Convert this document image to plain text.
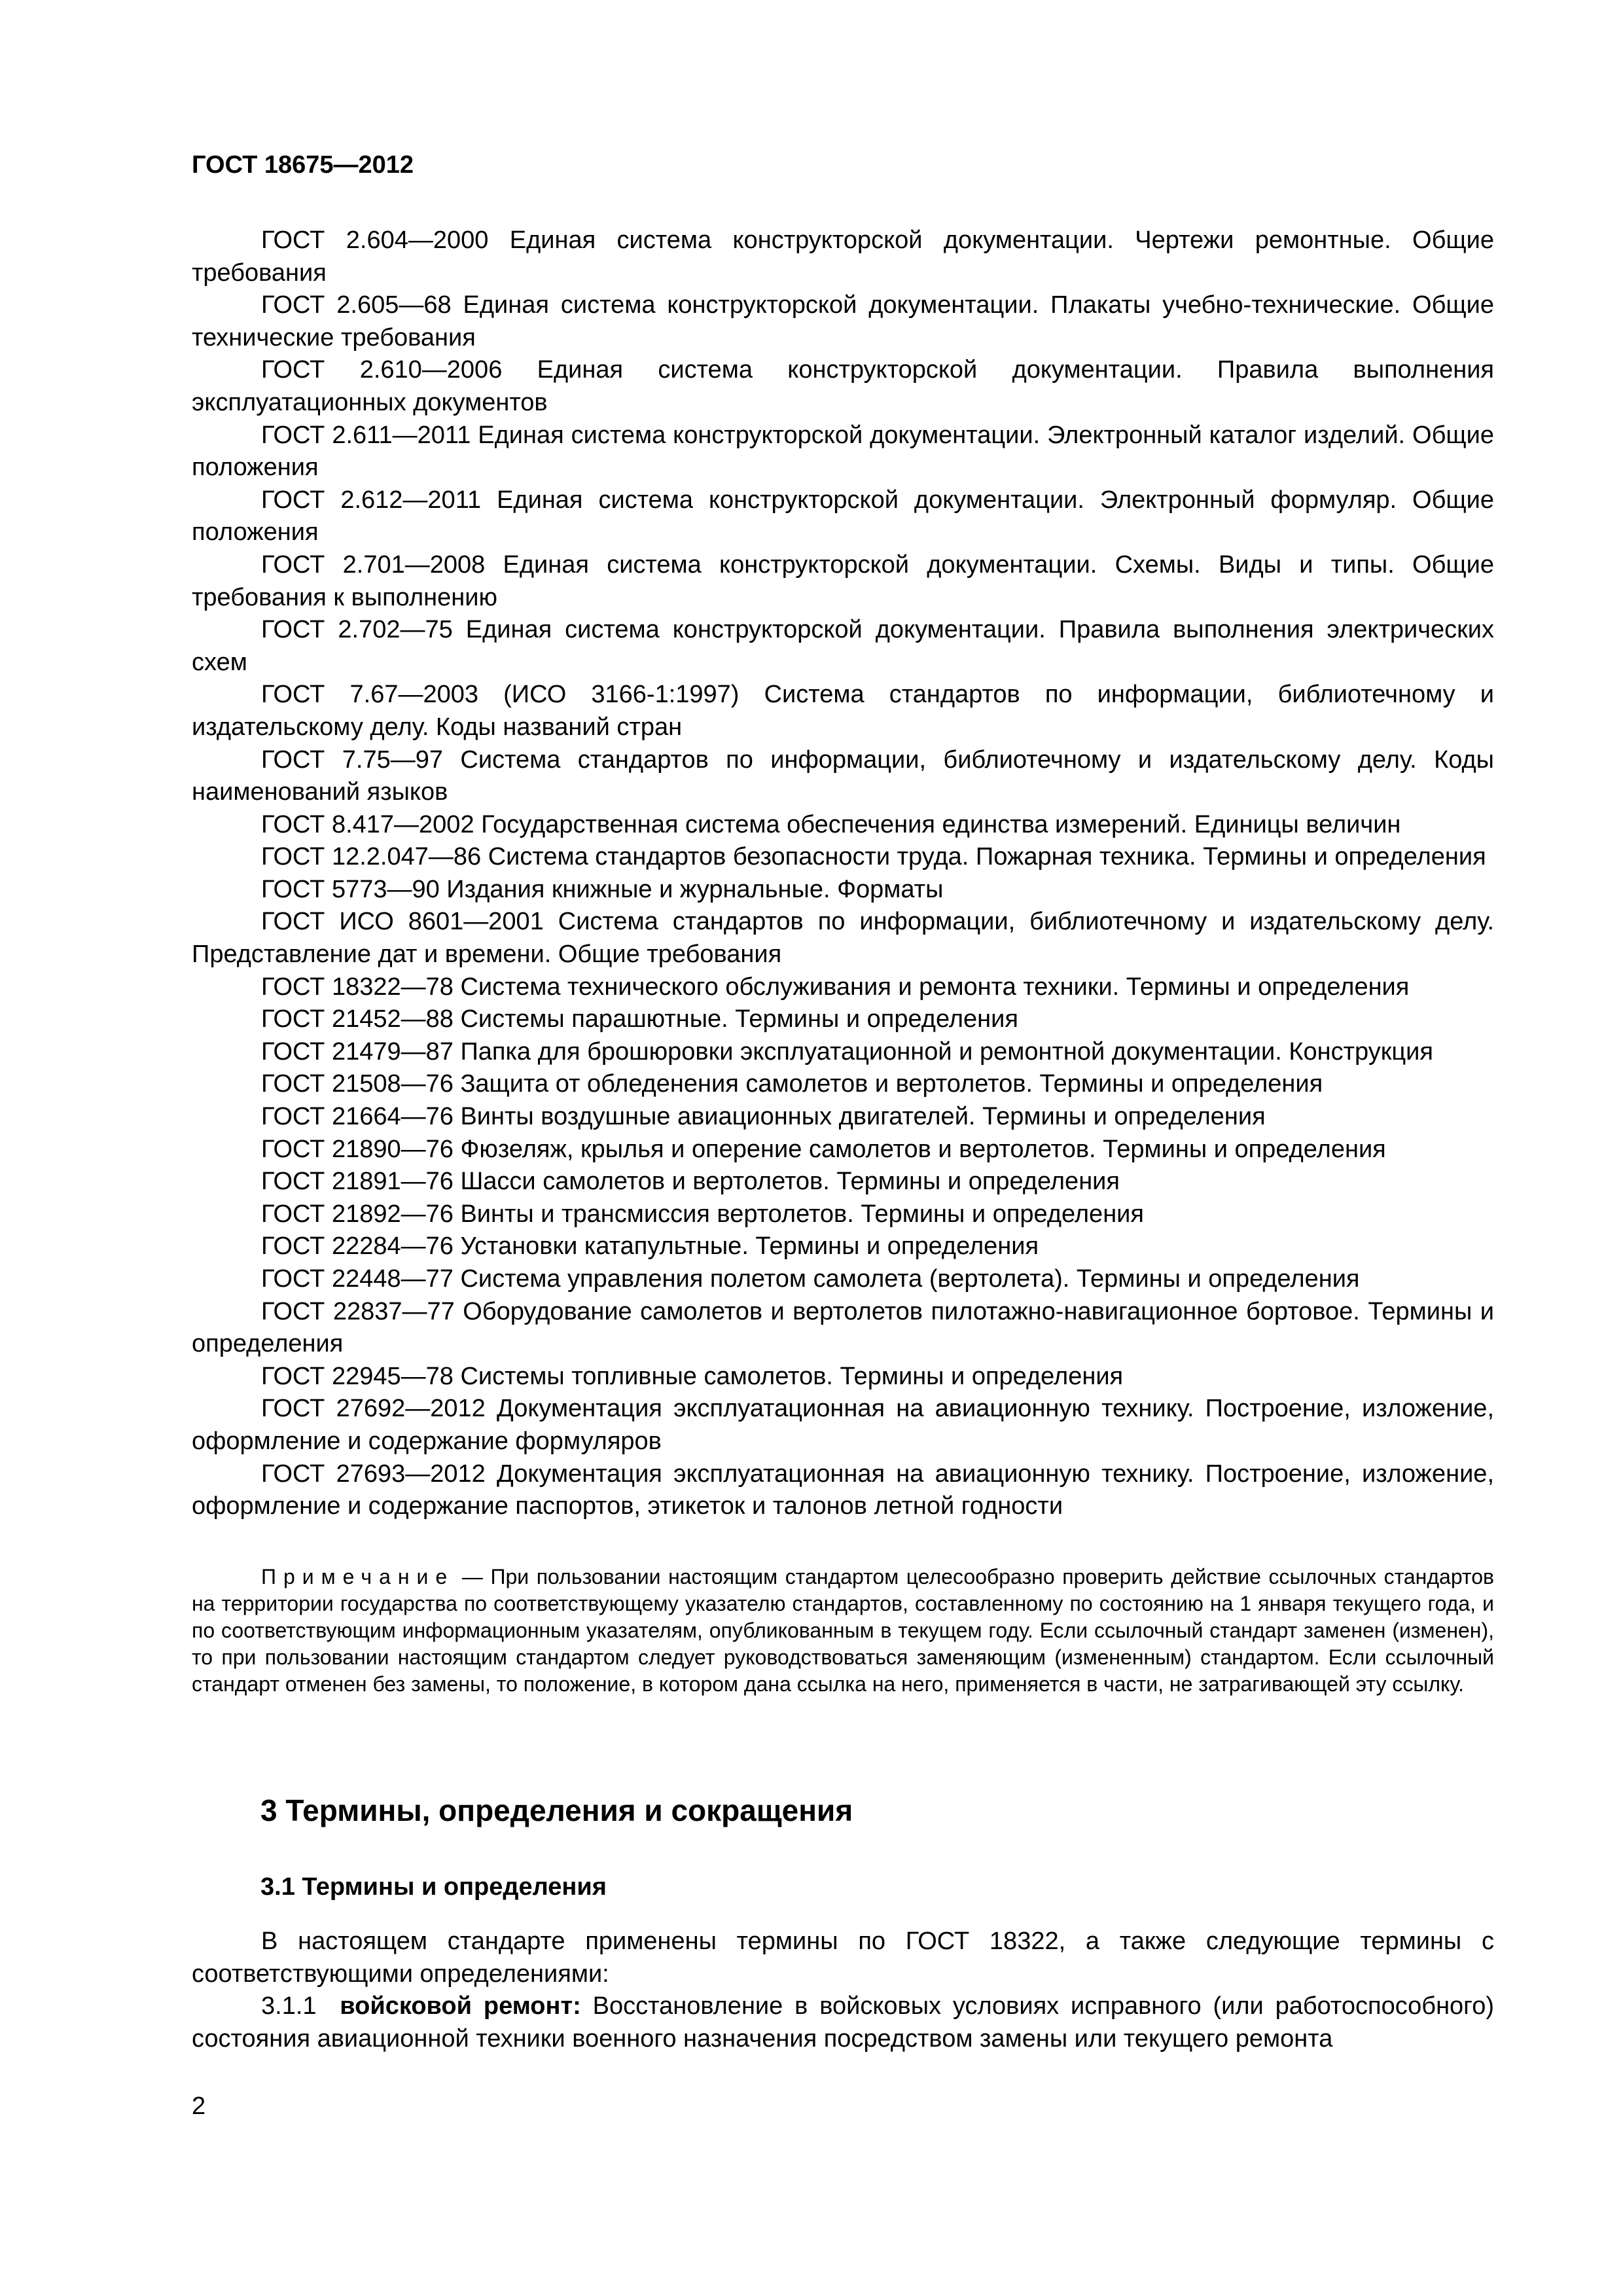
ГОСТ 18675—2012

ГОСТ 2.604—2000 Единая система конструкторской документации. Чертежи ремонтные. Общие требования

ГОСТ 2.605—68 Единая система конструкторской документации. Плакаты учебно-технические. Общие технические требования

ГОСТ 2.610—2006 Единая система конструкторской документации. Правила выполнения эксплуатационных документов

ГОСТ 2.611—2011 Единая система конструкторской документации. Электронный каталог изделий. Общие положения

ГОСТ 2.612—2011 Единая система конструкторской документации. Электронный формуляр. Общие положения

ГОСТ 2.701—2008 Единая система конструкторской документации. Схемы. Виды и типы. Общие требования к выполнению

ГОСТ 2.702—75 Единая система конструкторской документации. Правила выполнения электрических схем

ГОСТ 7.67—2003 (ИСО 3166-1:1997) Система стандартов по информации, библиотечному и издательскому делу. Коды названий стран

ГОСТ 7.75—97 Система стандартов по информации, библиотечному и издательскому делу. Коды наименований языков

ГОСТ 8.417—2002 Государственная система обеспечения единства измерений. Единицы величин

ГОСТ 12.2.047—86 Система стандартов безопасности труда. Пожарная техника. Термины и определения

ГОСТ 5773—90 Издания книжные и журнальные. Форматы

ГОСТ ИСО 8601—2001 Система стандартов по информации, библиотечному и издательскому делу. Представление дат и времени. Общие требования

ГОСТ 18322—78 Система технического обслуживания и ремонта техники. Термины и определения

ГОСТ 21452—88 Системы парашютные. Термины и определения

ГОСТ 21479—87 Папка для брошюровки эксплуатационной и ремонтной документации. Конструкция

ГОСТ 21508—76 Защита от обледенения самолетов и вертолетов. Термины и определения

ГОСТ 21664—76 Винты воздушные авиационных двигателей. Термины и определения

ГОСТ 21890—76 Фюзеляж, крылья и оперение самолетов и вертолетов. Термины и определения

ГОСТ 21891—76 Шасси самолетов и вертолетов. Термины и определения

ГОСТ 21892—76 Винты и трансмиссия вертолетов. Термины и определения

ГОСТ 22284—76 Установки катапультные. Термины и определения

ГОСТ 22448—77 Система управления полетом самолета (вертолета). Термины и определения

ГОСТ 22837—77 Оборудование самолетов и вертолетов пилотажно-навигационное бортовое. Термины и определения

ГОСТ 22945—78 Системы топливные самолетов. Термины и определения

ГОСТ 27692—2012 Документация эксплуатационная на авиационную технику. Построение, изложение, оформление и содержание формуляров

ГОСТ 27693—2012 Документация эксплуатационная на авиационную технику. Построение, изложение, оформление и содержание паспортов, этикеток и талонов летной годности

Примечание — При пользовании настоящим стандартом целесообразно проверить действие ссылочных стандартов на территории государства по соответствующему указателю стандартов, составленному по состоянию на 1 января текущего года, и по соответствующим информационным указателям, опубликованным в текущем году. Если ссылочный стандарт заменен (изменен), то при пользовании настоящим стандартом следует руководствоваться заменяющим (измененным) стандартом. Если ссылочный стандарт отменен без замены, то положение, в котором дана ссылка на него, применяется в части, не затрагивающей эту ссылку.

3 Термины, определения и сокращения
3.1 Термины и определения

В настоящем стандарте применены термины по ГОСТ 18322, а также следующие термины с соответствующими определениями:

3.1.1 войсковой ремонт: Восстановление в войсковых условиях исправного (или работоспособного) состояния авиационной техники военного назначения посредством замены или текущего ремонта

2
